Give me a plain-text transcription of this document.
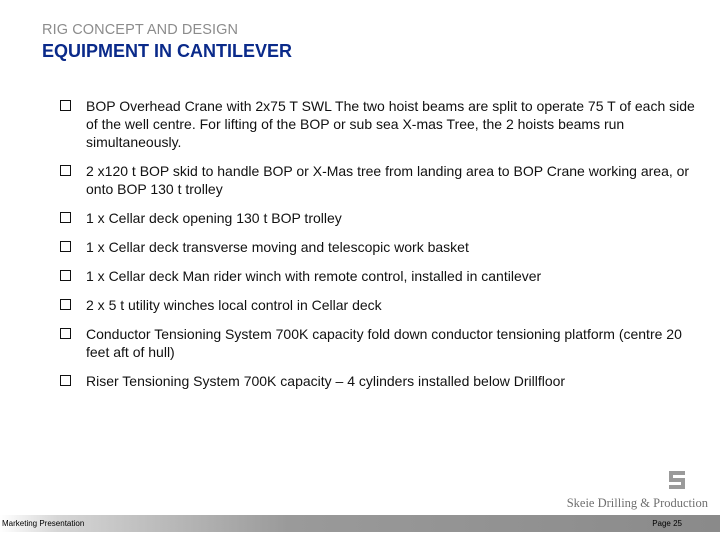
RIG CONCEPT AND DESIGN
EQUIPMENT IN CANTILEVER
BOP Overhead Crane with 2x75 T SWL The two hoist beams are split to operate 75 T of each side of the well centre. For lifting of the BOP or sub sea X-mas Tree, the 2 hoists beams run simultaneously.
2 x120 t BOP skid to handle BOP or X-Mas tree from landing area to BOP Crane working area, or onto BOP 130 t trolley
1 x Cellar deck opening 130 t BOP trolley
1 x Cellar deck transverse moving and telescopic work basket
1 x Cellar deck Man rider winch with remote control, installed in cantilever
2 x 5 t utility winches local control in Cellar deck
Conductor Tensioning System 700K capacity fold down conductor tensioning platform (centre 20 feet aft of hull)
Riser Tensioning System 700K capacity – 4 cylinders installed below Drillfloor
Skeie Drilling & Production
Marketing Presentation	Page 25
